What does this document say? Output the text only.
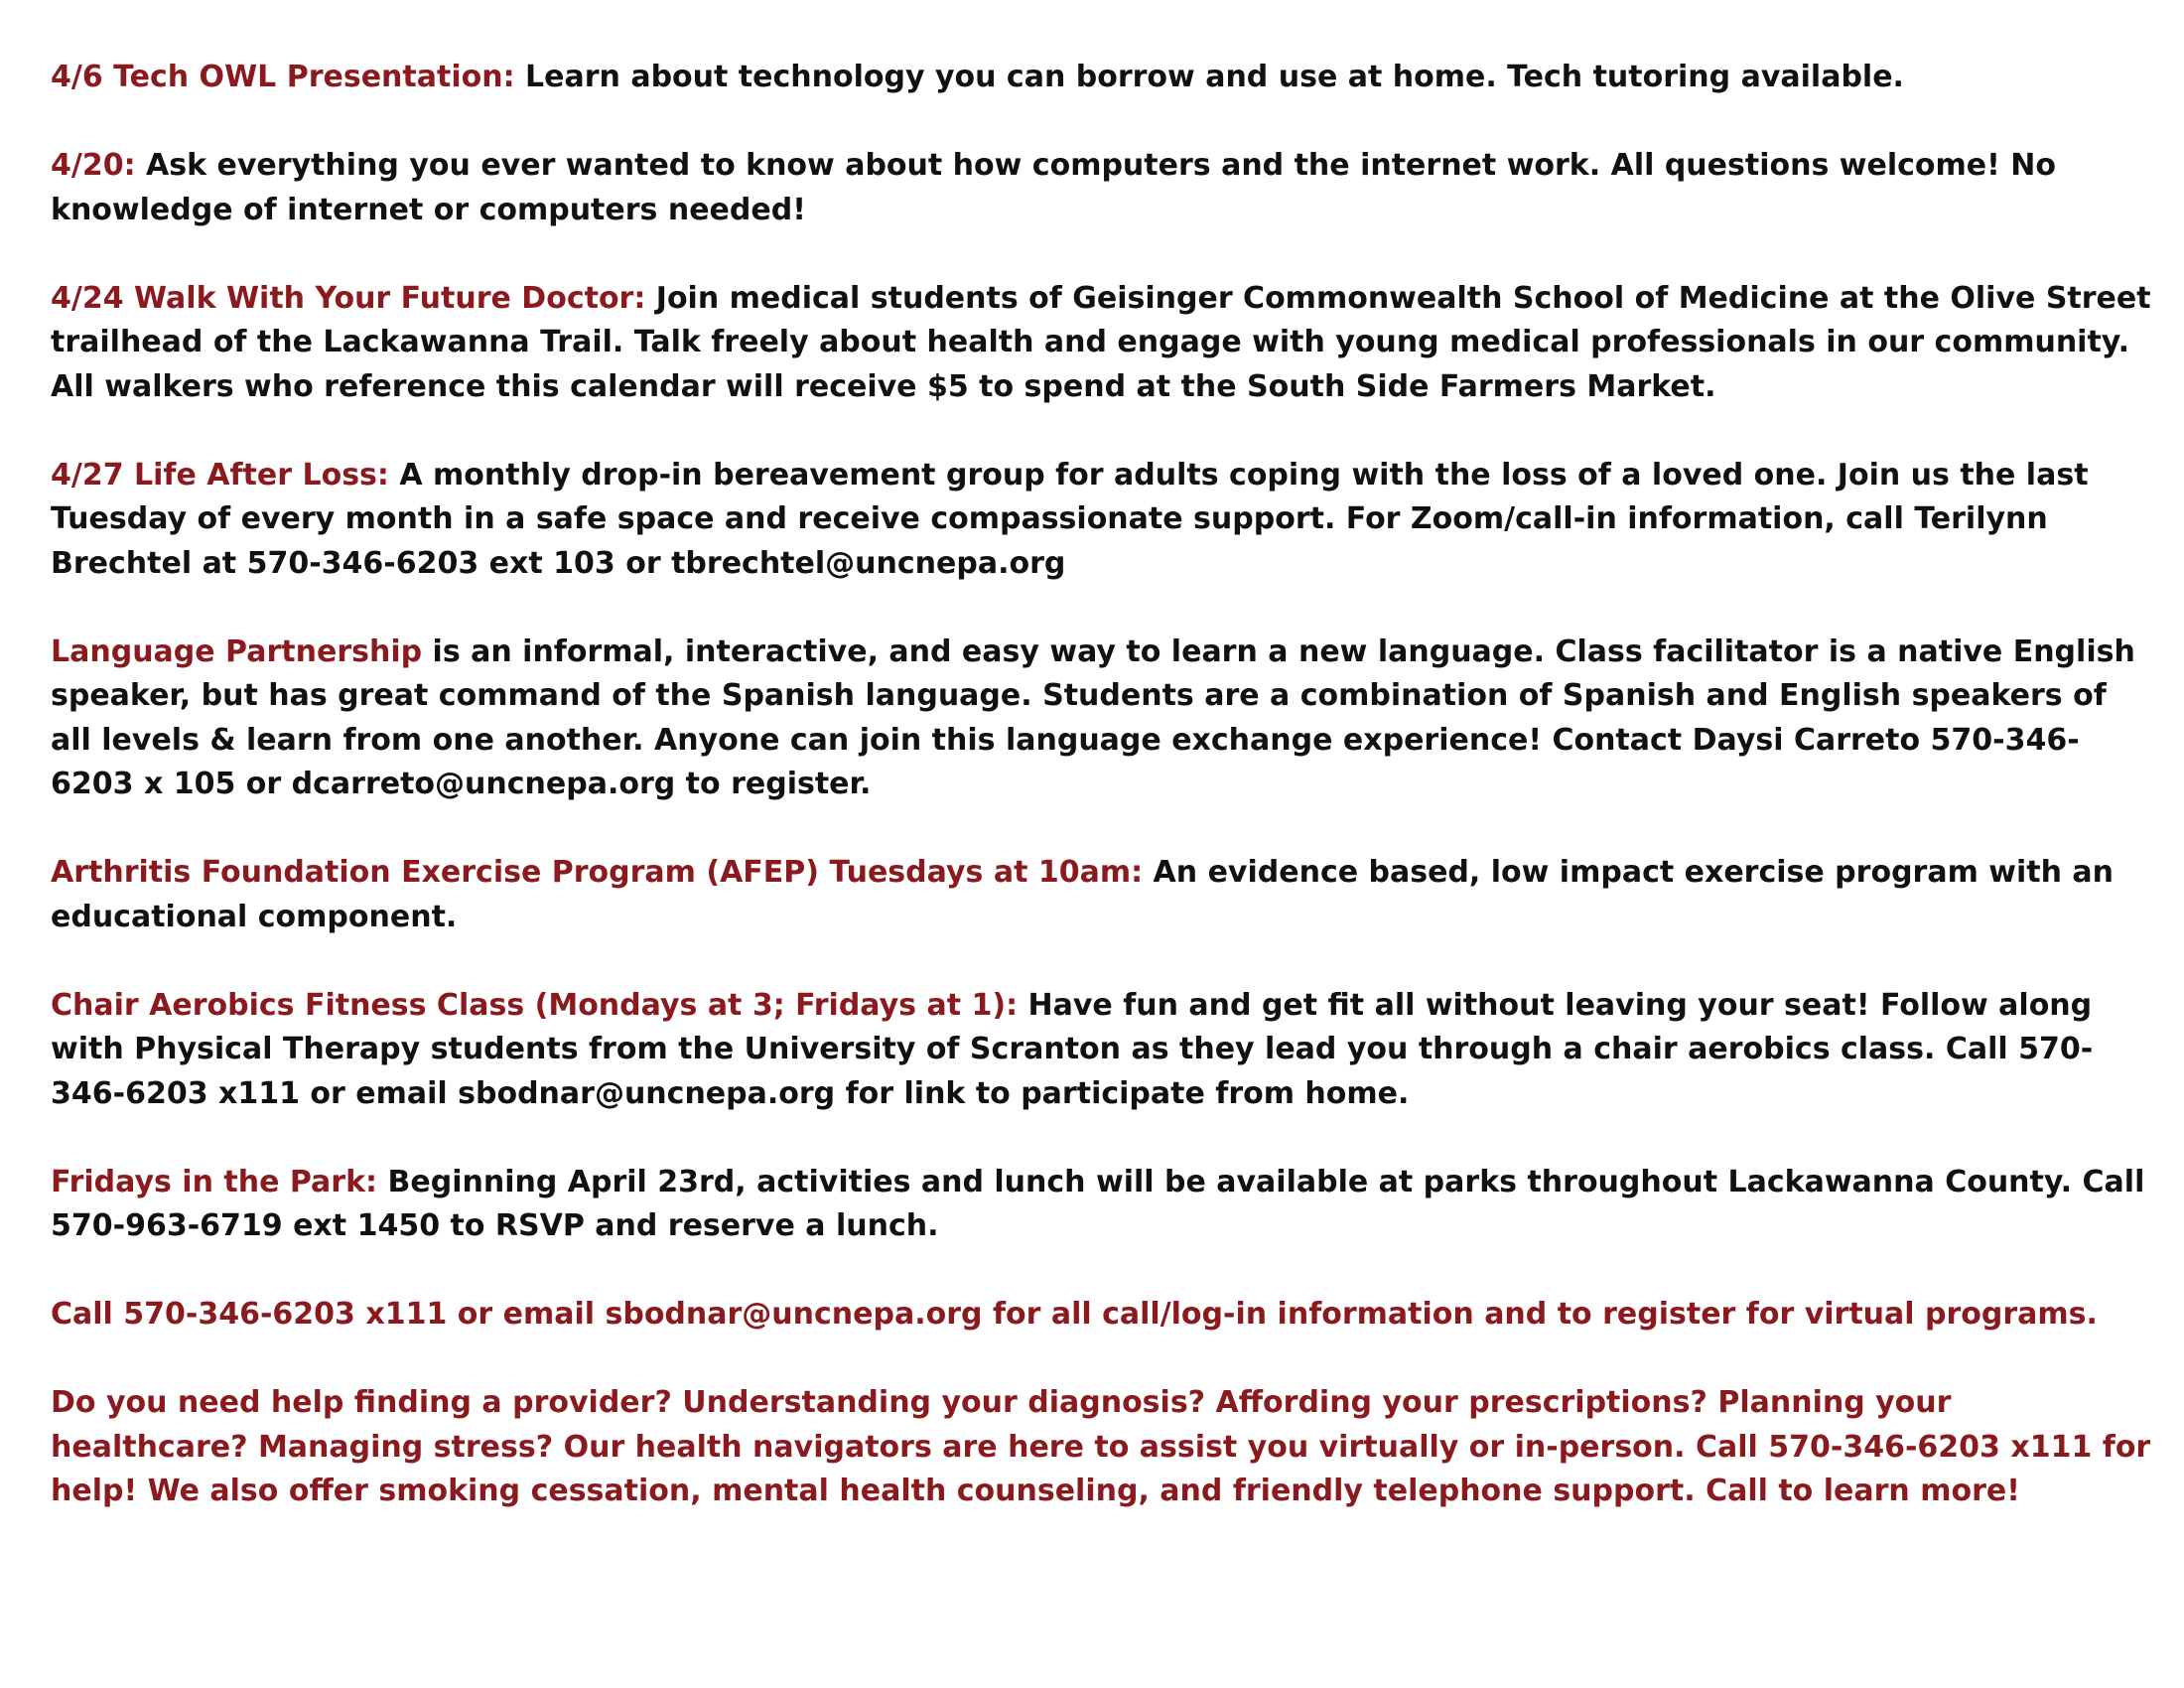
4/6 Tech OWL Presentation: Learn about technology you can borrow and use at home. Tech tutoring available.

4/20: Ask everything you ever wanted to know about how computers and the internet work. All questions welcome! No knowledge of internet or computers needed!

4/24 Walk With Your Future Doctor: Join medical students of Geisinger Commonwealth School of Medicine at the Olive Street trailhead of the Lackawanna Trail. Talk freely about health and engage with young medical professionals in our community. All walkers who reference this calendar will receive $5 to spend at the South Side Farmers Market.

4/27 Life After Loss: A monthly drop-in bereavement group for adults coping with the loss of a loved one. Join us the last Tuesday of every month in a safe space and receive compassionate support. For Zoom/call-in information, call Terilynn Brechtel at 570-346-6203 ext 103 or tbrechtel@uncnepa.org

Language Partnership is an informal, interactive, and easy way to learn a new language. Class facilitator is a native English speaker, but has great command of the Spanish language. Students are a combination of Spanish and English speakers of all levels & learn from one another. Anyone can join this language exchange experience! Contact Daysi Carreto 570-346-6203 x 105 or dcarreto@uncnepa.org to register.

Arthritis Foundation Exercise Program (AFEP) Tuesdays at 10am: An evidence based, low impact exercise program with an educational component.

Chair Aerobics Fitness Class (Mondays at 3; Fridays at 1): Have fun and get fit all without leaving your seat! Follow along with Physical Therapy students from the University of Scranton as they lead you through a chair aerobics class. Call 570-346-6203 x111 or email sbodnar@uncnepa.org for link to participate from home.

Fridays in the Park: Beginning April 23rd, activities and lunch will be available at parks throughout Lackawanna County. Call 570-963-6719 ext 1450 to RSVP and reserve a lunch.

Call 570-346-6203 x111 or email sbodnar@uncnepa.org for all call/log-in information and to register for virtual programs.

Do you need help finding a provider? Understanding your diagnosis? Affording your prescriptions? Planning your healthcare? Managing stress? Our health navigators are here to assist you virtually or in-person. Call 570-346-6203 x111 for help! We also offer smoking cessation, mental health counseling, and friendly telephone support. Call to learn more!
